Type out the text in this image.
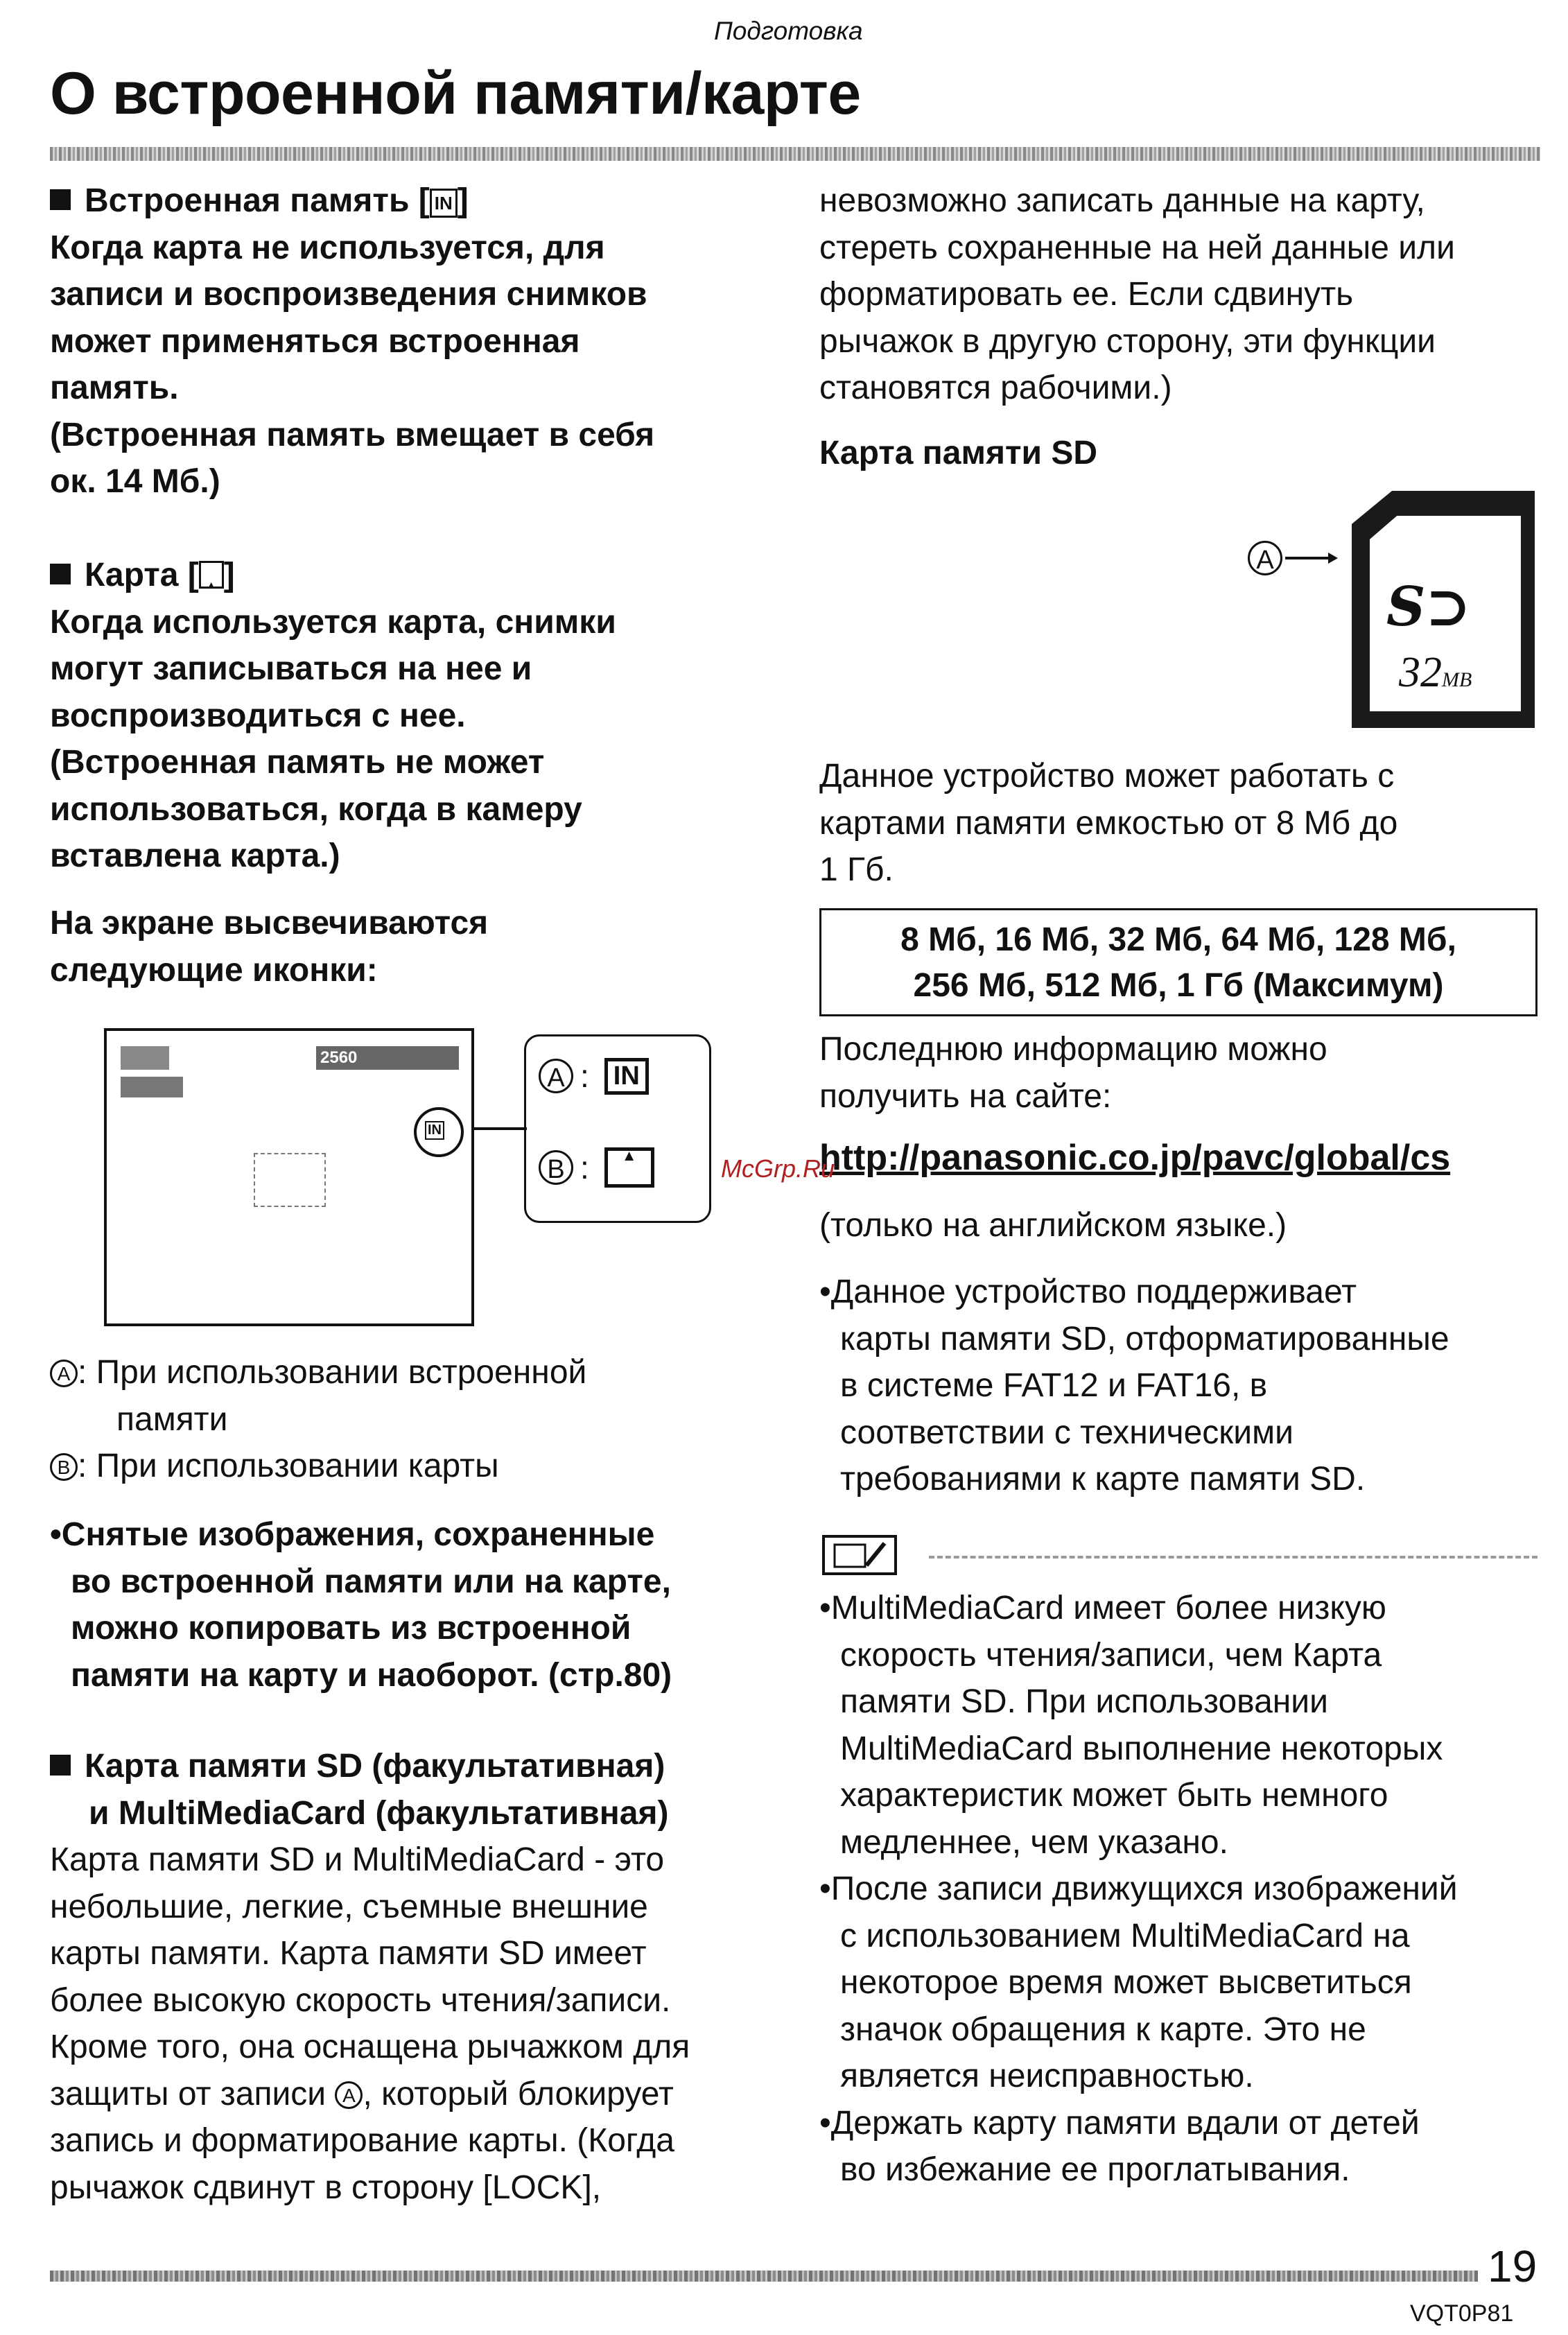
Подготовка
О встроенной памяти/карте
Встроенная память [ IN ]
Когда карта не используется, для
записи и воспроизведения снимков
может применяться встроенная
память.
(Встроенная память вмещает в себя
ок. 14 Мб.)
Карта [▲ ]
Когда используется карта, снимки
могут записываться на нее и
воспроизводиться с нее.
(Встроенная память не может
использоваться, когда в камеру
вставлена карта.)
На экране высвечиваются
следующие иконки:
2560
IN
A : IN
B : ▲
A : При использовании встроенной
памяти
B : При использовании карты
•Снятые изображения, сохраненные
во встроенной памяти или на карте,
можно копировать из встроенной
памяти на карту и наоборот. (стр.80)
Карта памяти SD (факультативная)
и MultiMediaCard (факультативная)
Карта памяти SD и MultiMediaCard - это
небольшие, легкие, съемные внешние
карты памяти. Карта памяти SD имеет
более высокую скорость чтения/записи.
Кроме того, она оснащена рычажком для
защиты от записи A , который блокирует
запись и форматирование карты. (Когда
рычажок сдвинут в сторону [LOCK],
невозможно записать данные на карту,
стереть сохраненные на ней данные или
форматировать ее. Если сдвинуть
рычажок в другую сторону, эти функции
становятся рабочими.)
Карта памяти SD
A
S⊃
32MB
Данное устройство может работать с
картами памяти емкостью от 8 Мб до
1 Гб.
8 Мб, 16 Мб, 32 Мб, 64 Мб, 128 Мб,
256 Мб, 512 Мб, 1 Гб (Максимум)
Последнюю информацию можно
получить на сайте:
http://panasonic.co.jp/pavc/global/cs
McGrp.Ru
(только на английском языке.)
•Данное устройство поддерживает
карты памяти SD, отформатированные
в системе FAT12 и FAT16, в
соответствии с техническими
требованиями к карте памяти SD.
•MultiMediaCard имеет более низкую
скорость чтения/записи, чем Карта
памяти SD. При использовании
MultiMediaCard выполнение некоторых
характеристик может быть немного
медленнее, чем указано.
•После записи движущихся изображений
с использованием MultiMediaCard на
некоторое время может высветиться
значок обращения к карте. Это не
является неисправностью.
•Держать карту памяти вдали от детей
во избежание ее проглатывания.
19
VQT0P81
